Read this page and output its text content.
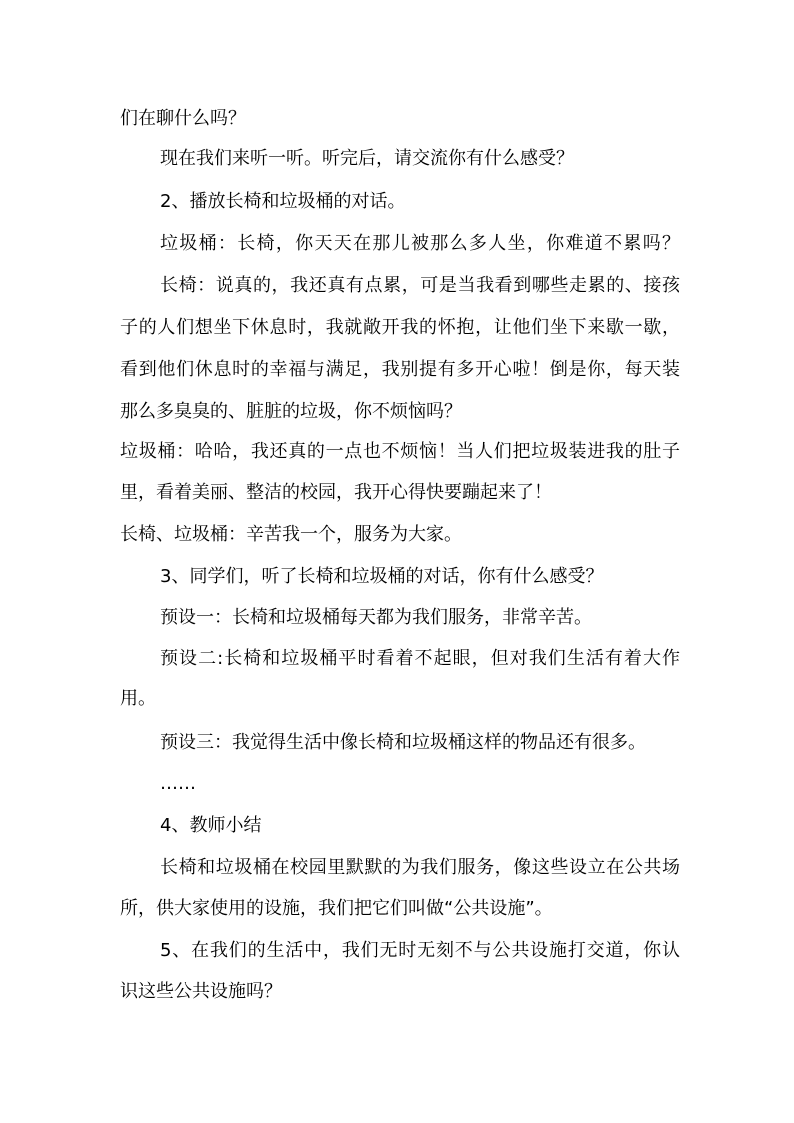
们在聊什么吗？
现在我们来听一听。听完后，请交流你有什么感受？
2、播放长椅和垃圾桶的对话。
垃圾桶：长椅，你天天在那儿被那么多人坐，你难道不累吗？
长椅：说真的，我还真有点累，可是当我看到哪些走累的、接孩
子的人们想坐下休息时，我就敞开我的怀抱，让他们坐下来歇一歇，
看到他们休息时的幸福与满足，我别提有多开心啦！倒是你，每天装
那么多臭臭的、脏脏的垃圾，你不烦恼吗？
垃圾桶：哈哈，我还真的一点也不烦恼！当人们把垃圾装进我的肚子
里，看着美丽、整洁的校园，我开心得快要蹦起来了！
长椅、垃圾桶：辛苦我一个，服务为大家。
3、同学们，听了长椅和垃圾桶的对话，你有什么感受？
预设一：长椅和垃圾桶每天都为我们服务，非常辛苦。
预设二:长椅和垃圾桶平时看着不起眼，但对我们生活有着大作
用。
预设三：我觉得生活中像长椅和垃圾桶这样的物品还有很多。
……
4、教师小结
长椅和垃圾桶在校园里默默的为我们服务，像这些设立在公共场
所，供大家使用的设施，我们把它们叫做“公共设施”。
5、在我们的生活中，我们无时无刻不与公共设施打交道，你认
识这些公共设施吗？
